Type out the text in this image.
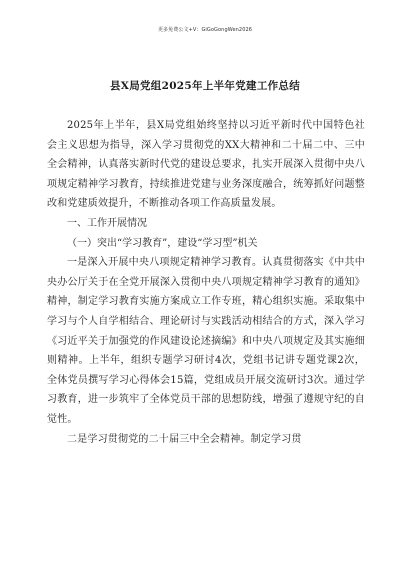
更多免费公文+V：GiGoGongWen2026
县X局党组2025年上半年党建工作总结

2025年上半年，县X局党组始终坚持以习近平新时代中国特色社会主义思想为指导，深入学习贯彻党的XX大精神和二十届二中、三中全会精神，认真落实新时代党的建设总要求，扎实开展深入贯彻中央八项规定精神学习教育，持续推进党建与业务深度融合，统筹抓好问题整改和党建质效提升，不断推动各项工作高质量发展。

一、工作开展情况

（一）突出“学习教育”，建设“学习型”机关

一是深入开展中央八项规定精神学习教育。认真贯彻落实《中共中央办公厅关于在全党开展深入贯彻中央八项规定精神学习教育的通知》精神，制定学习教育实施方案成立工作专班，精心组织实施。采取集中学习与个人自学相结合、理论研讨与实践活动相结合的方式，深入学习《习近平关于加强党的作风建设论述摘编》和中央八项规定及其实施细则精神。上半年，组织专题学习研讨4次，党组书记讲专题党课2次，全体党员撰写学习心得体会15篇，党组成员开展交流研讨3次。通过学习教育，进一步筑牢了全体党员干部的思想防线，增强了遵规守纪的自觉性。

二是学习贯彻党的二十届三中全会精神。制定学习贯
